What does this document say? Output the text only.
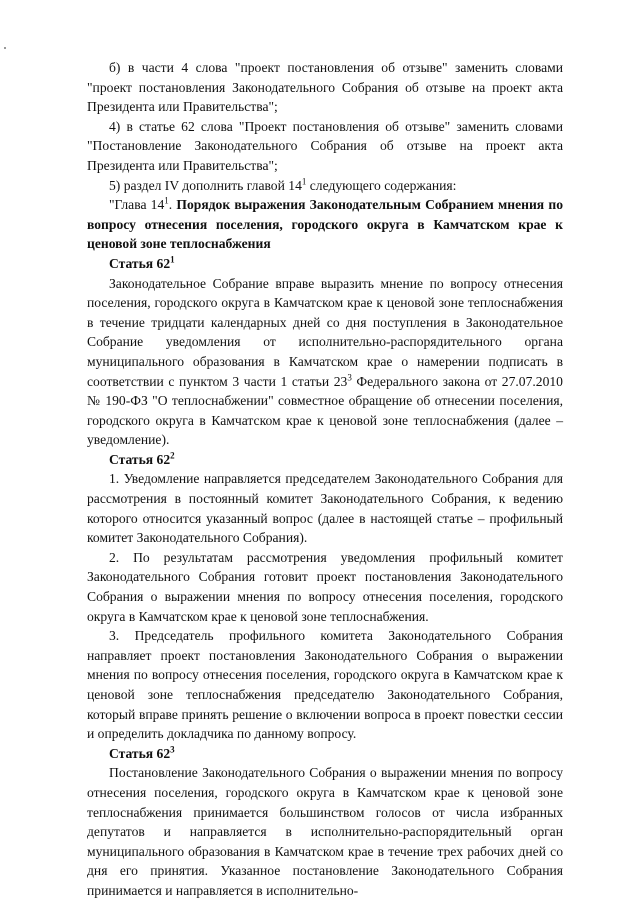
б) в части 4 слова "проект постановления об отзыве" заменить словами "проект постановления Законодательного Собрания об отзыве на проект акта Президента или Правительства";

4) в статье 62 слова "Проект постановления об отзыве" заменить словами "Постановление Законодательного Собрания об отзыве на проект акта Президента или Правительства";

5) раздел IV дополнить главой $14^1$ следующего содержания:

"Глава $14^1$. Порядок выражения Законодательным Собранием мнения по вопросу отнесения поселения, городского округа в Камчатском крае к ценовой зоне теплоснабжения

Статья $62^1$

Законодательное Собрание вправе выразить мнение по вопросу отнесения поселения, городского округа в Камчатском крае к ценовой зоне теплоснабжения в течение тридцати календарных дней со дня поступления в Законодательное Собрание уведомления от исполнительно-распорядительного органа муниципального образования в Камчатском крае о намерении подписать в соответствии с пунктом 3 части 1 статьи $23^3$ Федерального закона от 27.07.2010 № 190-ФЗ "О теплоснабжении" совместное обращение об отнесении поселения, городского округа в Камчатском крае к ценовой зоне теплоснабжения (далее – уведомление).

Статья $62^2$

1. Уведомление направляется председателем Законодательного Собрания для рассмотрения в постоянный комитет Законодательного Собрания, к ведению которого относится указанный вопрос (далее в настоящей статье – профильный комитет Законодательного Собрания).

2. По результатам рассмотрения уведомления профильный комитет Законодательного Собрания готовит проект постановления Законодательного Собрания о выражении мнения по вопросу отнесения поселения, городского округа в Камчатском крае к ценовой зоне теплоснабжения.

3. Председатель профильного комитета Законодательного Собрания направляет проект постановления Законодательного Собрания о выражении мнения по вопросу отнесения поселения, городского округа в Камчатском крае к ценовой зоне теплоснабжения председателю Законодательного Собрания, который вправе принять решение о включении вопроса в проект повестки сессии и определить докладчика по данному вопросу.

Статья $62^3$

Постановление Законодательного Собрания о выражении мнения по вопросу отнесения поселения, городского округа в Камчатском крае к ценовой зоне теплоснабжения принимается большинством голосов от числа избранных депутатов и направляется в исполнительно-распорядительный орган муниципального образования в Камчатском крае в течение трех рабочих дней со дня его принятия. Указанное постановление Законодательного Собрания принимается и направляется в исполнительно-
